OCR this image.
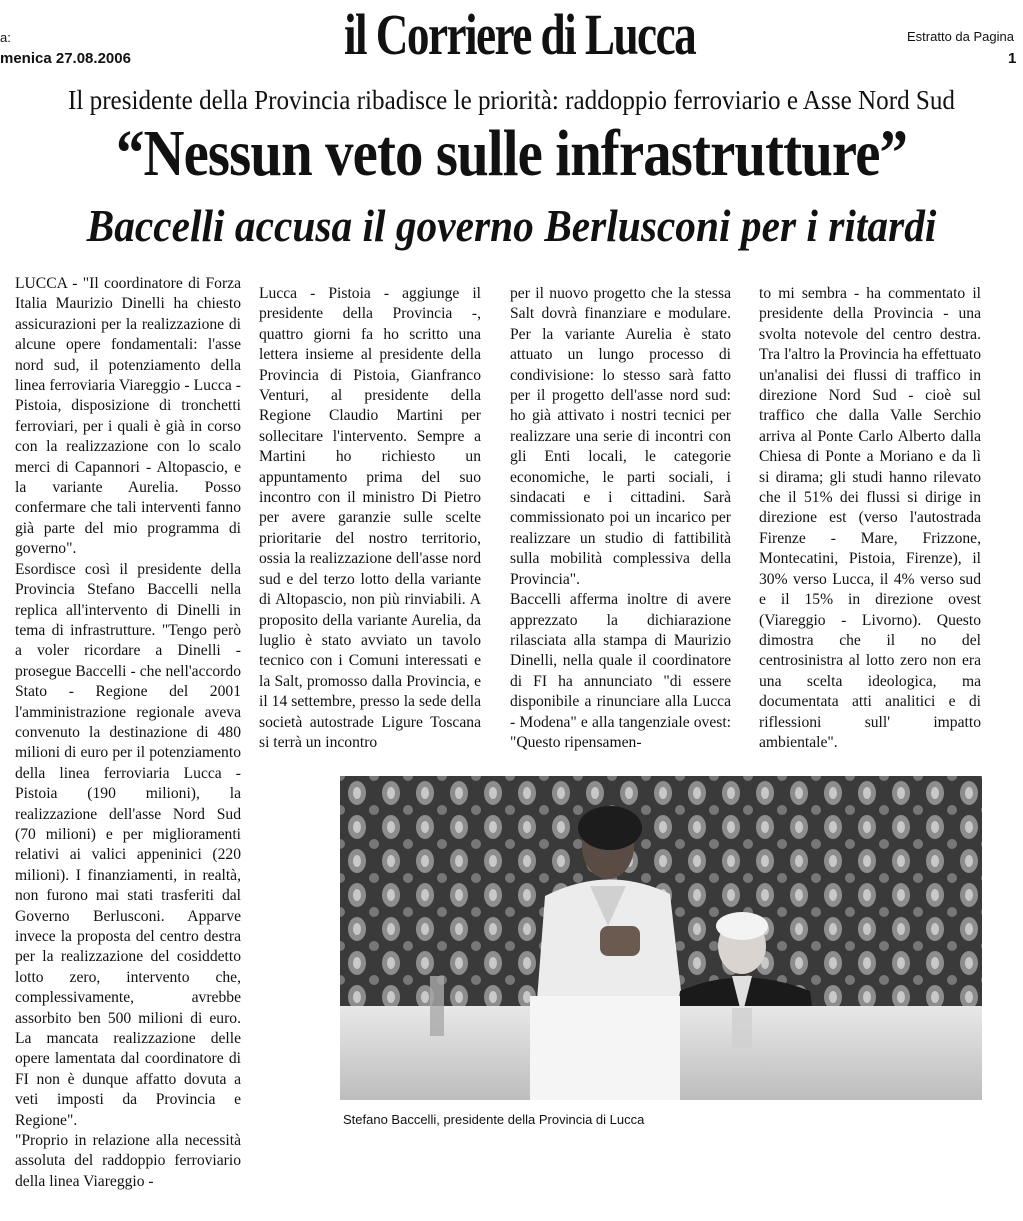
a:
menica 27.08.2006	il Corriere di Lucca	Estratto da Pagina
1
Il presidente della Provincia ribadisce le priorità: raddoppio ferroviario e Asse Nord Sud
“Nessun veto sulle infrastrutture”
Baccelli accusa il governo Berlusconi per i ritardi

LUCCA - "Il coordinatore di Forza Italia Maurizio Dinelli ha chiesto assicurazioni per la realizzazione di alcune opere fondamentali: l'asse nord sud, il potenziamento della linea ferroviaria Viareggio - Lucca - Pistoia, disposizione di tronchetti ferroviari, per i quali è già in corso con la realizzazione con lo scalo merci di Capannori - Altopascio, e la variante Aurelia. Posso confermare che tali interventi fanno già parte del mio programma di governo".

Esordisce così il presidente della Provincia Stefano Baccelli nella replica all'intervento di Dinelli in tema di infrastrutture. "Tengo però a voler ricordare a Dinelli - prosegue Baccelli - che nell'accordo Stato - Regione del 2001 l'amministrazione regionale aveva convenuto la destinazione di 480 milioni di euro per il potenziamento della linea ferroviaria Lucca - Pistoia (190 milioni), la realizzazione dell'asse Nord Sud (70 milioni) e per miglioramenti relativi ai valici appeninici (220 milioni). I finanziamenti, in realtà, non furono mai stati trasferiti dal Governo Berlusconi. Apparve invece la proposta del centro destra per la realizzazione del cosiddetto lotto zero, intervento che, complessivamente, avrebbe assorbito ben 500 milioni di euro. La mancata realizzazione delle opere lamentata dal coordinatore di FI non è dunque affatto dovuta a veti imposti da Provincia e Regione".

"Proprio in relazione alla necessità assoluta del raddoppio ferroviario della linea Viareggio -

Lucca - Pistoia - aggiunge il presidente della Provincia -, quattro giorni fa ho scritto una lettera insieme al presidente della Provincia di Pistoia, Gianfranco Venturi, al presidente della Regione Claudio Martini per sollecitare l'intervento. Sempre a Martini ho richiesto un appuntamento prima del suo incontro con il ministro Di Pietro per avere garanzie sulle scelte prioritarie del nostro territorio, ossia la realizzazione dell'asse nord sud e del terzo lotto della variante di Altopascio, non più rinviabili. A proposito della variante Aurelia, da luglio è stato avviato un tavolo tecnico con i Comuni interessati e la Salt, promosso dalla Provincia, e il 14 settembre, presso la sede della società autostrade Ligure Toscana si terrà un incontro

per il nuovo progetto che la stessa Salt dovrà finanziare e modulare. Per la variante Aurelia è stato attuato un lungo processo di condivisione: lo stesso sarà fatto per il progetto dell'asse nord sud: ho già attivato i nostri tecnici per realizzare una serie di incontri con gli Enti locali, le categorie economiche, le parti sociali, i sindacati e i cittadini. Sarà commissionato poi un incarico per realizzare un studio di fattibilità sulla mobilità complessiva della Provincia".

Baccelli afferma inoltre di avere apprezzato la dichiarazione rilasciata alla stampa di Maurizio Dinelli, nella quale il coordinatore di FI ha annunciato "di essere disponibile a rinunciare alla Lucca - Modena" e alla tangenziale ovest: "Questo ripensamen-

to mi sembra - ha commentato il presidente della Provincia - una svolta notevole del centro destra. Tra l'altro la Provincia ha effettuato un'analisi dei flussi di traffico in direzione Nord Sud - cioè sul traffico che dalla Valle Serchio arriva al Ponte Carlo Alberto dalla Chiesa di Ponte a Moriano e da lì si dirama; gli studi hanno rilevato che il 51% dei flussi si dirige in direzione est (verso l'autostrada Firenze - Mare, Frizzone, Montecatini, Pistoia, Firenze), il 30% verso Lucca, il 4% verso sud e il 15% in direzione ovest (Viareggio - Livorno). Questo dimostra che il no del centrosinistra al lotto zero non era una scelta ideologica, ma documentata atti analitici e di riflessioni sull' impatto ambientale".

Stefano Baccelli, presidente della Provincia di Lucca
